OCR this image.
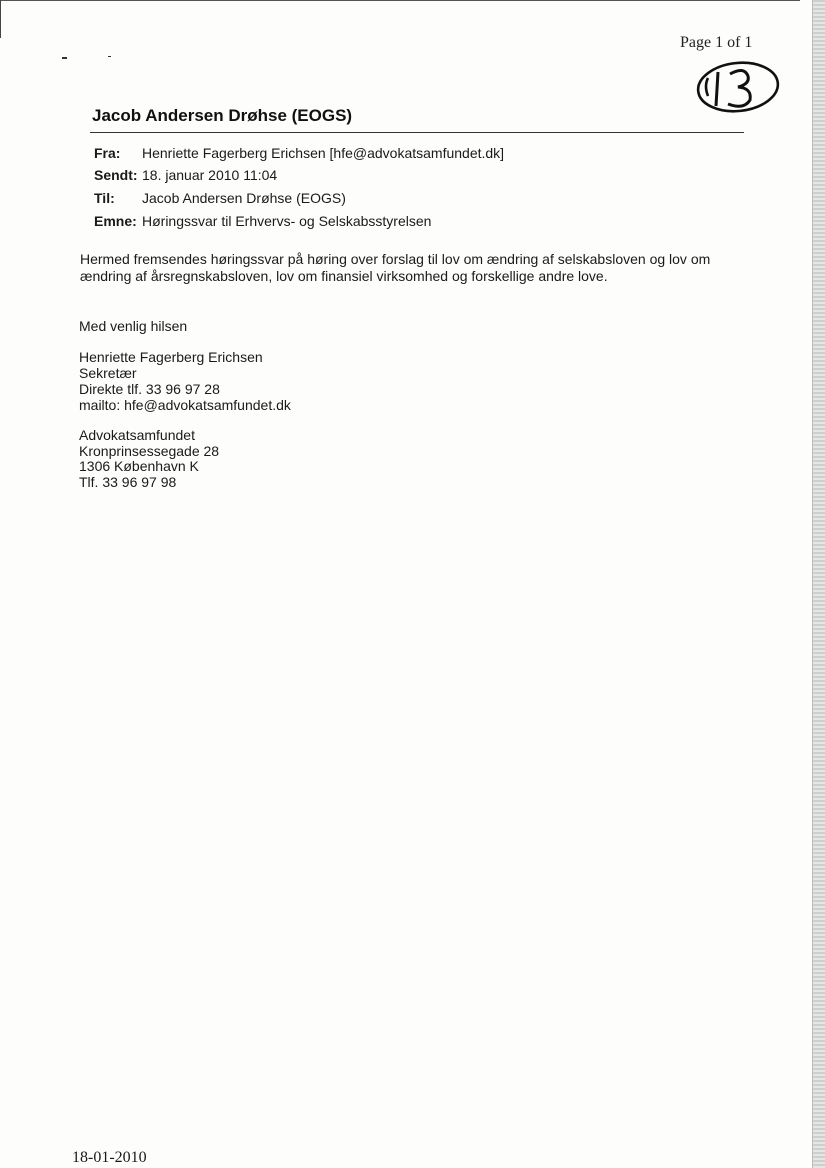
Page 1 of 1
Jacob Andersen Drøhse (EOGS)
Fra: Henriette Fagerberg Erichsen [hfe@advokatsamfundet.dk]
Sendt: 18. januar 2010 11:04
Til: Jacob Andersen Drøhse (EOGS)
Emne: Høringssvar til Erhvervs- og Selskabsstyrelsen
Hermed fremsendes høringssvar på høring over forslag til lov om ændring af selskabsloven og lov om
ændring af årsregnskabsloven, lov om finansiel virksomhed og forskellige andre love.
Med venlig hilsen
Henriette Fagerberg Erichsen
Sekretær
Direkte tlf. 33 96 97 28
mailto: hfe@advokatsamfundet.dk
Advokatsamfundet
Kronprinsessegade 28
1306 København K
Tlf. 33 96 97 98
18-01-2010
